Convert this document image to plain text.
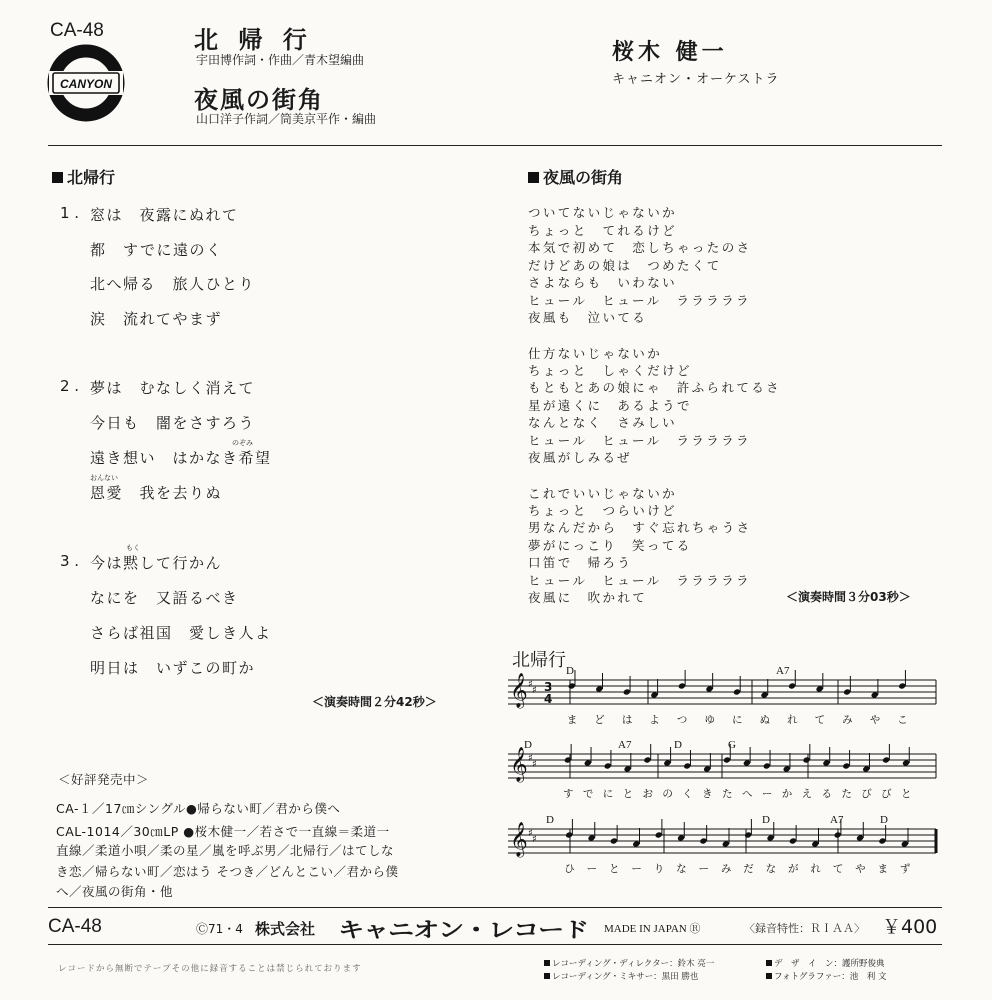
CA-48
CANYON
北 帰 行
宇田博作詞・作曲／青木望編曲
夜風の街角
山口洋子作詞／筒美京平作・編曲
桜木 健一
キャニオン・オーケストラ
北帰行
1 . 窓は　夜露にぬれて
都　すでに遠のく
北へ帰る　旅人ひとり
涙　流れてやまず
2 . 夢は　むなしく消えて
今日も　闇をさすろう
のぞみ
遠き想い　はかなき希望
おんない
恩愛　我を去りぬ
3 .
もく
今は黙して行かん
なにを　又語るべき
さらば祖国　愛しき人よ
明日は　いずこの町か
＜演奏時間２分42秒＞
夜風の街角
ついてないじゃないか
ちょっと　てれるけど
本気で初めて　恋しちゃったのさ
だけどあの娘は　つめたくて
さよならも　いわない
ヒュール　ヒュール　ラララララ
夜風も　泣いてる
仕方ないじゃないか
ちょっと　しゃくだけど
もともとあの娘にゃ　許ふられてるさ
星が遠くに　あるようで
なんとなく　さみしい
ヒュール　ヒュール　ラララララ
夜風がしみるぜ
これでいいじゃないか
ちょっと　つらいけど
男なんだから　すぐ忘れちゃうさ
夢がにっこり　笑ってる
口笛で　帰ろう
ヒュール　ヒュール　ラララララ
夜風に　吹かれて	＜演奏時間３分03秒＞
北帰行
𝄞 ♯
♯ 3
4
𝄞 ♯
♯
𝄞 ♯
♯
D	A7
D	A7	D	G
D	D	A7	D
ま ど は よ つ ゆ に ぬ れ て み や こ
す で に と お の く き た へ ー か え る た び び と
ひ ー と ー り な ー み だ な が れ て や ま ず
＜好評発売中＞
CA-１／17㎝シングル●帰らない町／君から僕へ
CAL-1014／30㎝LP ●桜木健一／若さで一直線＝柔道一
直線／柔道小唄／柔の星／嵐を呼ぶ男／北帰行／はてしな
き恋／帰らない町／恋はう そつき／どんとこい／君から僕
へ／夜風の街角・他
CA-48	Ⓒ71・4 株式会社 キャニオン・レコード MADE IN JAPAN Ⓡ	〈録音特性：ＲＩＡＡ〉 ￥400
レコードから無断でテープその他に録音することは禁じられております	レコーディング・ディレクター：鈴木 亮一	デ　ザ　イ　ン：護所野俊典
レコーディング・ミキサー：黒田 勝也	フォトグラファー：池　利 文
